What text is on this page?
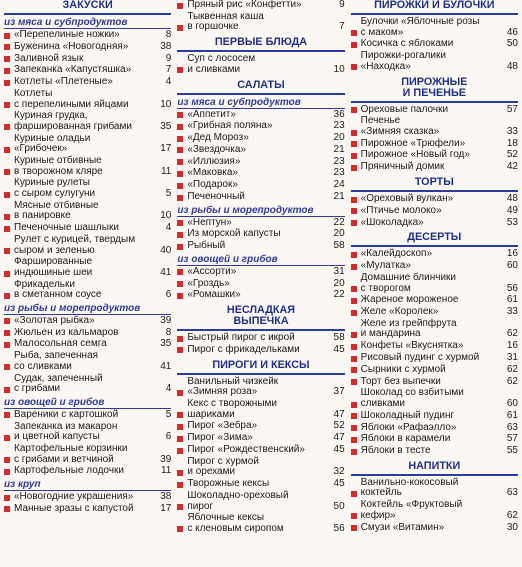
ЗАКУСКИ
из мяса и субпродуктов
«Перепелиные ножки»	8
Буженина «Новогодняя»	38
Заливной язык	9
Запеканка «Капустяшка»	7
Котлеты «Плетеные»	4
Котлеты
с перепелиными яйцами	10
Куриная грудка,
фаршированная грибами	35
Куриные оладьи
«Грибочек»	17
Куриные отбивные
в творожном кляре	11
Куриные рулеты
с сыром сулугуни	5
Мясные отбивные
в панировке	10
Печеночные шашлыки	4
Рулет с курицей, твердым
сыром и зеленью	40
Фаршированные
индюшиные шеи	41
Фрикадельки
в сметанном соусе	6
из рыбы и морепродуктов
«Золотая рыбка»	39
Жюльен из кальмаров	8
Малосольная семга	35
Рыба, запеченная
со сливками	41
Судак, запеченный
с грибами	4
из овощей и грибов
Вареники с картошкой	5
Запеканка из макарон
и цветной капусты	6
Картофельные корзинки
с грибами и ветчиной	39
Картофельные лодочки	11
из круп
«Новогодние украшения»	38
Манные зразы с капустой	17
Пряный рис «Конфетти»	9
Тыквенная каша
в горшочке	7
ПЕРВЫЕ БЛЮДА
Суп с лососем
и сливками	10
САЛАТЫ
из мяса и субпродуктов
«Аппетит»	36
«Грибная поляна»	23
«Дед Мороз»	20
«Звездочка»	21
«Иллюзия»	23
«Маковка»	23
«Подарок»	24
Печеночный	21
из рыбы и морепродуктов
«Нептун»	22
Из морской капусты	20
Рыбный	58
из овощей и грибов
«Ассорти»	31
«Гроздь»	20
«Ромашки»	22
НЕСЛАДКАЯ
ВЫПЕЧКА
Быстрый пирог с икрой	58
Пирог с фрикадельками	45
ПИРОГИ И КЕКСЫ
Ванильный чизкейк
«Зимняя роза»	37
Кекс с творожными
шариками	47
Пирог «Зебра»	52
Пирог «Зима»	47
Пирог «Рождественский»	45
Пирог с хурмой
и орехами	32
Творожные кексы	45
Шоколадно-ореховый
пирог	50
Яблочные кексы
с кленовым сиропом	56
ПИРОЖКИ И БУЛОЧКИ
Булочки «Яблочные розы
с маком»	46
Косичка с яблоками	50
Пирожки-рогалики
«Находка»	48
ПИРОЖНЫЕ
И ПЕЧЕНЬЕ
Ореховые палочки	57
Печенье
«Зимняя сказка»	33
Пирожное «Трюфели»	18
Пирожное «Новый год»	52
Пряничный домик	42
ТОРТЫ
«Ореховый вулкан»	48
«Птичье молоко»	49
«Шоколадка»	53
ДЕСЕРТЫ
«Калейдоскоп»	16
«Мулатка»	60
Домашние блинчики
с творогом	56
Жареное мороженое	61
Желе «Королек»	33
Желе из грейпфрута
и мандарина	62
Конфеты «Вкуснятка»	16
Рисовый пудинг с хурмой	31
Сырники с хурмой	62
Торт без выпечки	62
Шоколад со взбитыми
сливками	60
Шоколадный пудинг	61
Яблоки «Рафаэлло»	63
Яблоки в карамели	57
Яблоки в тесте	55
НАПИТКИ
Ванильно-кокосовый
коктейль	63
Коктейль «Фруктовый
кефир»	62
Смузи «Витамин»	30
